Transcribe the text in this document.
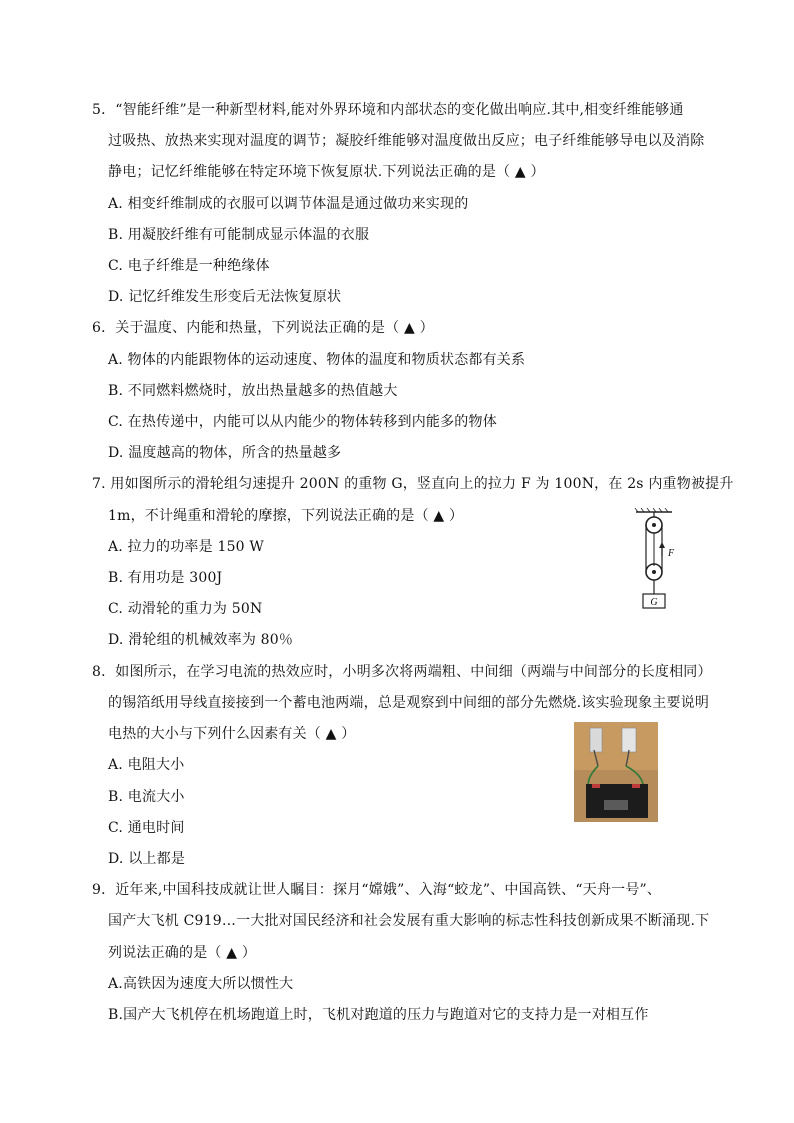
5．“智能纤维”是一种新型材料,能对外界环境和内部状态的变化做出响应.其中,相变纤维能够通
过吸热、放热来实现对温度的调节；凝胶纤维能够对温度做出反应；电子纤维能够导电以及消除
静电；记忆纤维能够在特定环境下恢复原状.下列说法正确的是（ ▲ ）
A. 相变纤维制成的衣服可以调节体温是通过做功来实现的
B. 用凝胶纤维有可能制成显示体温的衣服
C. 电子纤维是一种绝缘体
D. 记忆纤维发生形变后无法恢复原状
6．关于温度、内能和热量，下列说法正确的是（ ▲ ）
A. 物体的内能跟物体的运动速度、物体的温度和物质状态都有关系
B. 不同燃料燃烧时，放出热量越多的热值越大
C. 在热传递中，内能可以从内能少的物体转移到内能多的物体
D. 温度越高的物体，所含的热量越多
7. 用如图所示的滑轮组匀速提升 200N 的重物 G，竖直向上的拉力 F 为 100N，在 2s 内重物被提升
1m，不计绳重和滑轮的摩擦，下列说法正确的是（ ▲ ）
A. 拉力的功率是 150 W
B. 有用功是 300J
C. 动滑轮的重力为 50N
D. 滑轮组的机械效率为 80％
G
F
8．如图所示，在学习电流的热效应时，小明多次将两端粗、中间细（两端与中间部分的长度相同）
的锡箔纸用导线直接接到一个蓄电池两端，总是观察到中间细的部分先燃烧.该实验现象主要说明
电热的大小与下列什么因素有关（ ▲ ）
A. 电阻大小
B. 电流大小
C. 通电时间
D. 以上都是
9．近年来,中国科技成就让世人瞩目：探月“嫦娥”、入海“蛟龙”、中国高铁、“天舟一号”、
国产大飞机 C919…一大批对国民经济和社会发展有重大影响的标志性科技创新成果不断涌现.下
列说法正确的是（ ▲ ）
A.高铁因为速度大所以惯性大
B.国产大飞机停在机场跑道上时，飞机对跑道的压力与跑道对它的支持力是一对相互作
